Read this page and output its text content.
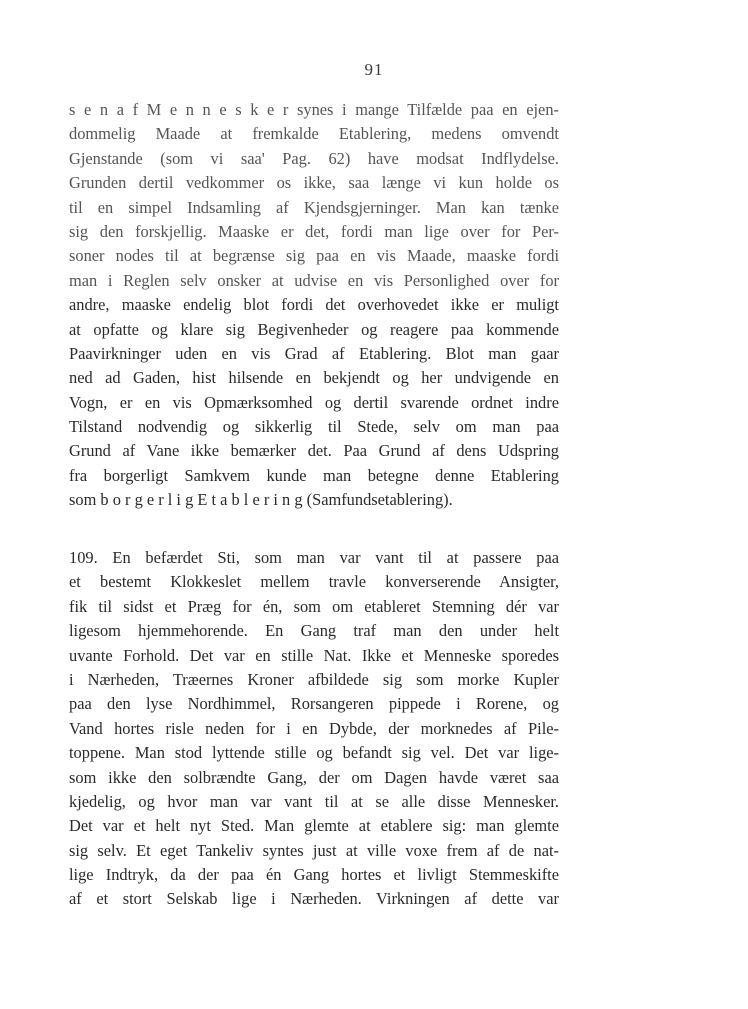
91
s e n a f M e n n e s k e r synes i mange Tilfælde paa en ejen-
dommelig Maade at fremkalde Etablering, medens omvendt
Gjenstande (som vi saa' Pag. 62) have modsat Indflydelse.
Grunden dertil vedkommer os ikke, saa længe vi kun holde os
til en simpel Indsamling af Kjendsgjerninger. Man kan tænke
sig den forskjellig. Maaske er det, fordi man lige over for Per-
soner nodes til at begrænse sig paa en vis Maade, maaske fordi
man i Reglen selv onsker at udvise en vis Personlighed over for
andre, maaske endelig blot fordi det overhovedet ikke er muligt
at opfatte og klare sig Begivenheder og reagere paa kommende
Paavirkninger uden en vis Grad af Etablering. Blot man gaar
ned ad Gaden, hist hilsende en bekjendt og her undvigende en
Vogn, er en vis Opmærksomhed og dertil svarende ordnet indre
Tilstand nodvendig og sikkerlig til Stede, selv om man paa
Grund af Vane ikke bemærker det. Paa Grund af dens Udspring
fra borgerligt Samkvem kunde man betegne denne Etablering
som b o r g e r l i g E t a b l e r i n g (Samfundsetablering).
109. En befærdet Sti, som man var vant til at passere paa
et bestemt Klokkeslet mellem travle konverserende Ansigter,
fik til sidst et Præg for én, som om etableret Stemning dér var
ligesom hjemmehorende. En Gang traf man den under helt
uvante Forhold. Det var en stille Nat. Ikke et Menneske sporedes
i Nærheden, Træernes Kroner afbildede sig som morke Kupler
paa den lyse Nordhimmel, Rorsangeren pippede i Rorene, og
Vand hortes risle neden for i en Dybde, der morknedes af Pile-
toppene. Man stod lyttende stille og befandt sig vel. Det var lige-
som ikke den solbrændte Gang, der om Dagen havde været saa
kjedelig, og hvor man var vant til at se alle disse Mennesker.
Det var et helt nyt Sted. Man glemte at etablere sig: man glemte
sig selv. Et eget Tankeliv syntes just at ville voxe frem af de nat-
lige Indtryk, da der paa én Gang hortes et livligt Stemmeskifte
af et stort Selskab lige i Nærheden. Virkningen af dette var
